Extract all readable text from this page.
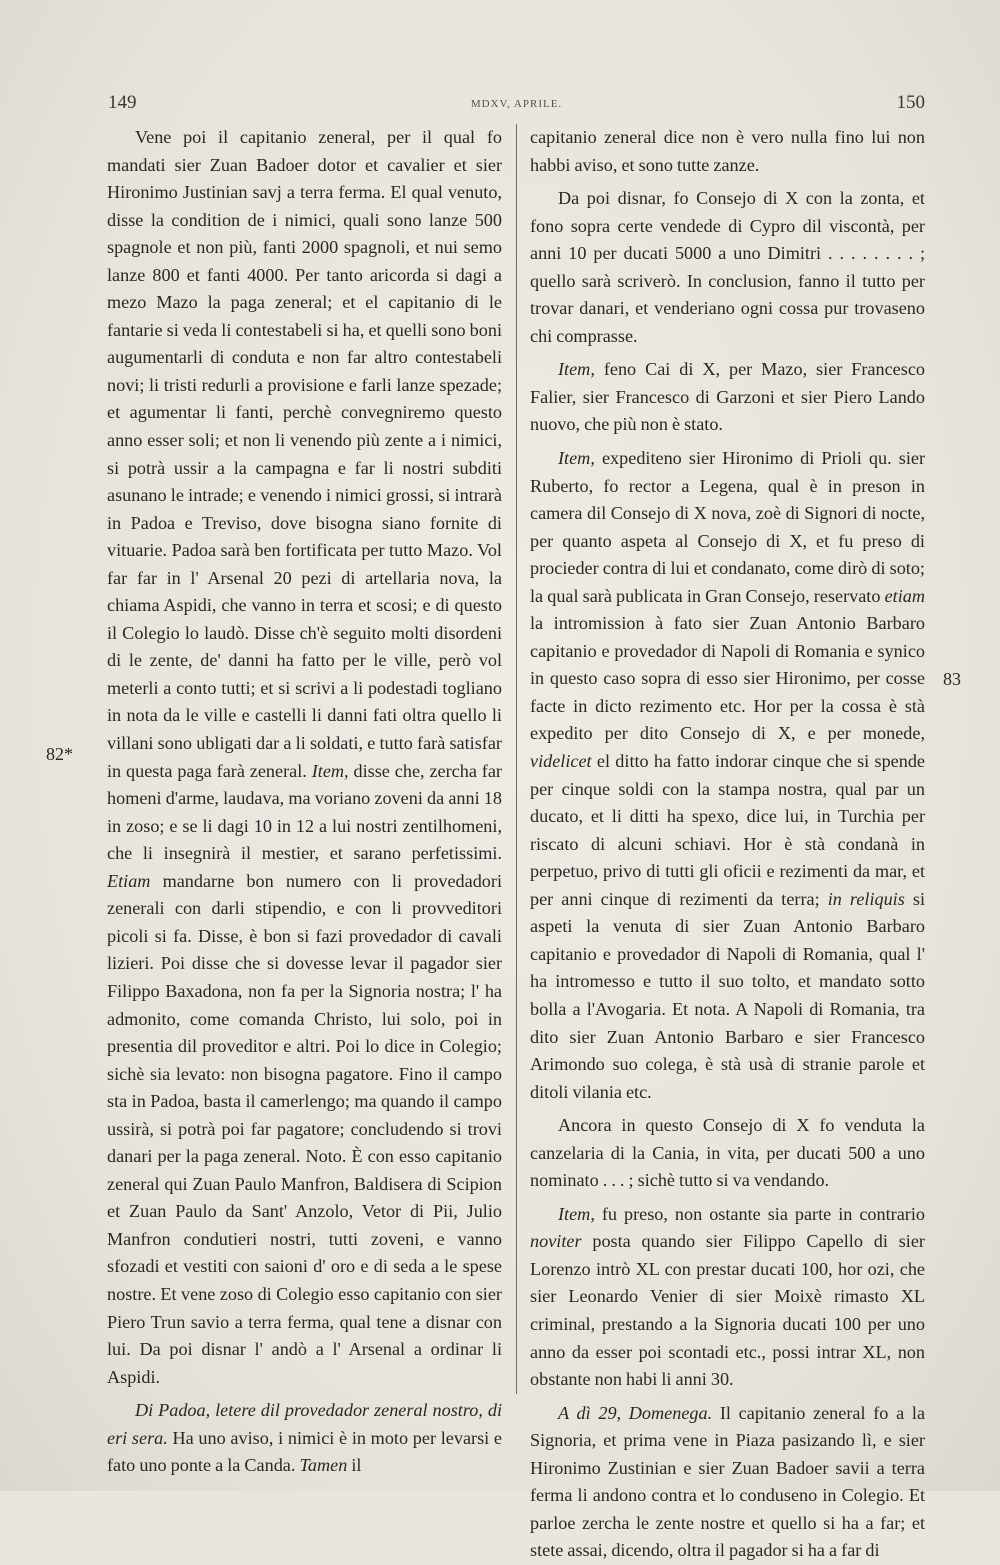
149	MDXV, APRILE.	150
82*
83

Vene poi il capitanio zeneral, per il qual fo mandati sier Zuan Badoer dotor et cavalier et sier Hironimo Justinian savj a terra ferma. El qual venuto, disse la condition de i nimici, quali sono lanze 500 spagnole et non più, fanti 2000 spagnoli, et nui semo lanze 800 et fanti 4000. Per tanto aricorda si dagi a mezo Mazo la paga zeneral; et el capitanio di le fantarie si veda li contestabeli si ha, et quelli sono boni augumentarli di conduta e non far altro contestabeli novi; li tristi redurli a provisione e farli lanze spezade; et agumentar li fanti, perchè convegniremo questo anno esser soli; et non li venendo più zente a i nimici, si potrà ussir a la campagna e far li nostri subditi asunano le intrade; e venendo i nimici grossi, si intrarà in Padoa e Treviso, dove bisogna siano fornite di vituarie. Padoa sarà ben fortificata per tutto Mazo. Vol far far in l' Arsenal 20 pezi di artellaria nova, la chiama Aspidi, che vanno in terra et scosi; e di questo il Colegio lo laudò. Disse ch'è seguito molti disordeni di le zente, de' danni ha fatto per le ville, però vol meterli a conto tutti; et si scrivi a li podestadi togliano in nota da le ville e castelli li danni fati oltra quello li villani sono ubligati dar a li soldati, e tutto farà satisfar in questa paga farà zeneral. Item, disse che, zercha far homeni d'arme, laudava, ma voriano zoveni da anni 18 in zoso; e se li dagi 10 in 12 a lui nostri zentilhomeni, che li insegnirà il mestier, et sarano perfetissimi. Etiam mandarne bon numero con li provedadori zenerali con darli stipendio, e con li provveditori picoli si fa. Disse, è bon si fazi provedador di cavali lizieri. Poi disse che si dovesse levar il pagador sier Filippo Baxadona, non fa per la Signoria nostra; l' ha admonito, come comanda Christo, lui solo, poi in presentia dil proveditor e altri. Poi lo dice in Colegio; sichè sia levato: non bisogna pagatore. Fino il campo sta in Padoa, basta il camerlengo; ma quando il campo ussirà, si potrà poi far pagatore; concludendo si trovi danari per la paga zeneral. Noto. È con esso capitanio zeneral qui Zuan Paulo Manfron, Baldisera di Scipion et Zuan Paulo da Sant' Anzolo, Vetor di Pii, Julio Manfron condutieri nostri, tutti zoveni, e vanno sfozadi et vestiti con saioni d' oro e di seda a le spese nostre. Et vene zoso di Colegio esso capitanio con sier Piero Trun savio a terra ferma, qual tene a disnar con lui. Da poi disnar l' andò a l' Arsenal a ordinar li Aspidi.

Di Padoa, letere dil provedador zeneral nostro, di eri sera. Ha uno aviso, i nimici è in moto per levarsi e fato uno ponte a la Canda. Tamen il

capitanio zeneral dice non è vero nulla fino lui non habbi aviso, et sono tutte zanze.

Da poi disnar, fo Consejo di X con la zonta, et fono sopra certe vendede di Cypro dil viscontà, per anni 10 per ducati 5000 a uno Dimitri . . . . . . . . ; quello sarà scriverò. In conclusion, fanno il tutto per trovar danari, et venderiano ogni cossa pur trovaseno chi comprasse.

Item, feno Cai di X, per Mazo, sier Francesco Falier, sier Francesco di Garzoni et sier Piero Lando nuovo, che più non è stato.

Item, expediteno sier Hironimo di Prioli qu. sier Ruberto, fo rector a Legena, qual è in preson in camera dil Consejo di X nova, zoè di Signori di nocte, per quanto aspeta al Consejo di X, et fu preso di procieder contra di lui et condanato, come dirò di soto; la qual sarà publicata in Gran Consejo, reservato etiam la intromission à fato sier Zuan Antonio Barbaro capitanio e provedador di Napoli di Romania e synico in questo caso sopra di esso sier Hironimo, per cosse facte in dicto rezimento etc. Hor per la cossa è stà expedito per dito Consejo di X, e per monede, videlicet el ditto ha fatto indorar cinque che si spende per cinque soldi con la stampa nostra, qual par un ducato, et li ditti ha spexo, dice lui, in Turchia per riscato di alcuni schiavi. Hor è stà condanà in perpetuo, privo di tutti gli oficii e rezimenti da mar, et per anni cinque di rezimenti da terra; in reliquis si aspeti la venuta di sier Zuan Antonio Barbaro capitanio e provedador di Napoli di Romania, qual l' ha intromesso e tutto il suo tolto, et mandato sotto bolla a l'Avogaria. Et nota. A Napoli di Romania, tra dito sier Zuan Antonio Barbaro e sier Francesco Arimondo suo colega, è stà usà di stranie parole et ditoli vilania etc.

Ancora in questo Consejo di X fo venduta la canzelaria di la Cania, in vita, per ducati 500 a uno nominato . . . ; sichè tutto si va vendando.

Item, fu preso, non ostante sia parte in contrario noviter posta quando sier Filippo Capello di sier Lorenzo intrò XL con prestar ducati 100, hor ozi, che sier Leonardo Venier di sier Moixè rimasto XL criminal, prestando a la Signoria ducati 100 per uno anno da esser poi scontadi etc., possi intrar XL, non obstante non habi li anni 30.

A dì 29, Domenega. Il capitanio zeneral fo a la Signoria, et prima vene in Piaza pasizando lì, e sier Hironimo Zustinian e sier Zuan Badoer savii a terra ferma li andono contra et lo conduseno in Colegio. Et parloe zercha le zente nostre et quello si ha a far; et stete assai, dicendo, oltra il pagador si ha a far di
